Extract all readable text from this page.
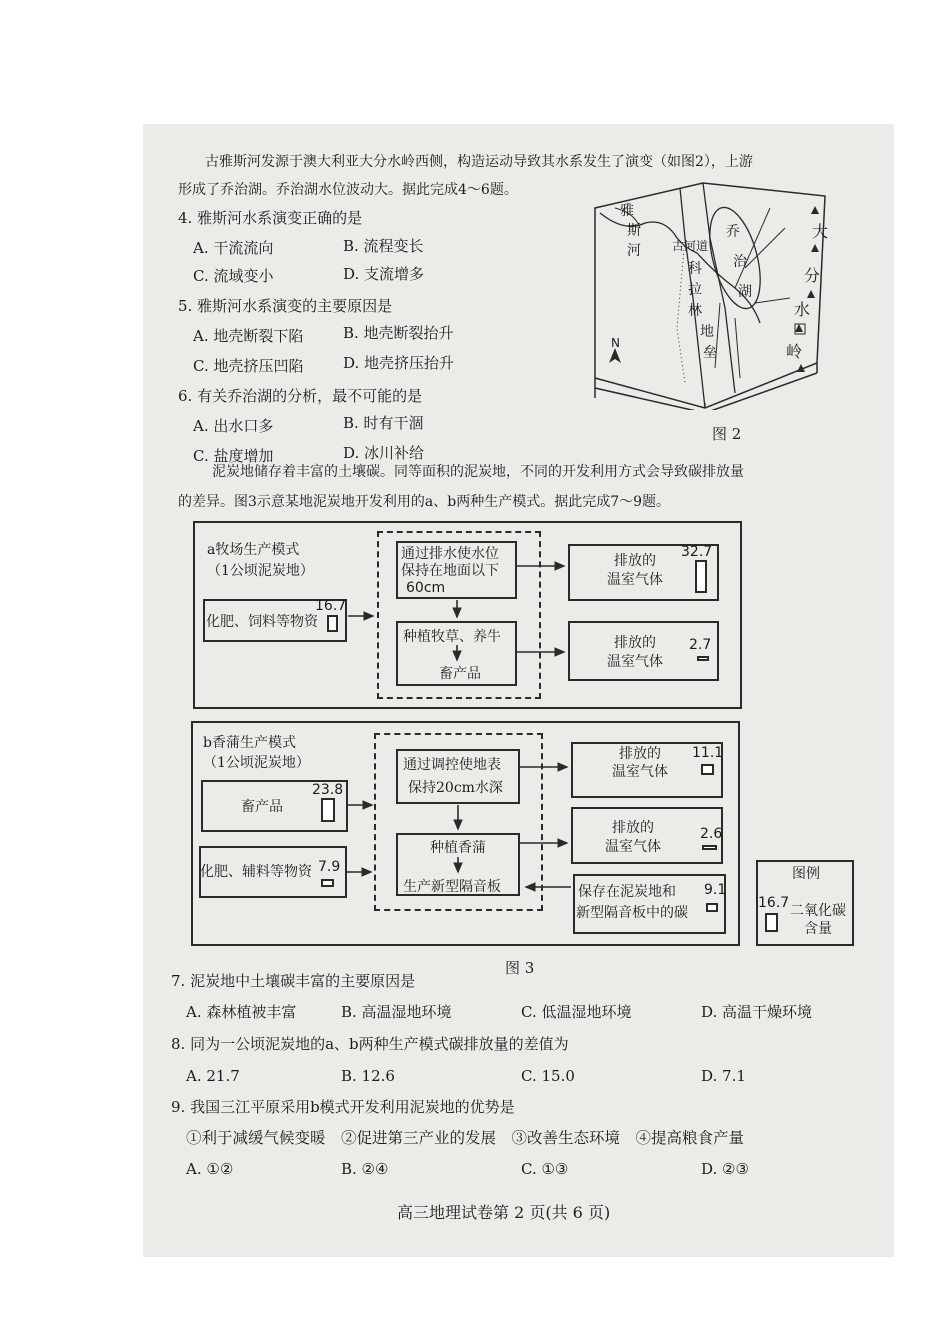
古雅斯河发源于澳大利亚大分水岭西侧，构造运动导致其水系发生了演变（如图2），上游
形成了乔治湖。乔治湖水位波动大。据此完成4～6题。
4. 雅斯河水系演变正确的是
A. 干流流向	B. 流程变长
C. 流域变小	D. 支流增多
5. 雅斯河水系演变的主要原因是
A. 地壳断裂下陷	B. 地壳断裂抬升
C. 地壳挤压凹陷	D. 地壳挤压抬升
6. 有关乔治湖的分析，最不可能的是
A. 出水口多	B. 时有干涸
C. 盐度增加	D. 冰川补给
雅
斯
河	古河道
科
拉
林
地
垒
乔
治
湖
大
分
水
岭
N
图 2
泥炭地储存着丰富的土壤碳。同等面积的泥炭地，不同的开发利用方式会导致碳排放量
的差异。图3示意某地泥炭地开发利用的a、b两种生产模式。据此完成7～9题。
a牧场生产模式
（1公顷泥炭地）
化肥、饲料等物资
16.7
通过排水使水位
保持在地面以下
60cm
种植牧草、养牛
畜产品
排放的
温室气体
32.7
排放的
温室气体
2.7
b香蒲生产模式
（1公顷泥炭地）
畜产品
23.8
化肥、辅料等物资 7.9
通过调控使地表
保持20cm水深
种植香蒲
生产新型隔音板
排放的
温室气体
11.1
排放的
温室气体
2.6
保存在泥炭地和
新型隔音板中的碳
9.1
图例
16.7 二氧化碳
含量
图 3
7. 泥炭地中土壤碳丰富的主要原因是
A. 森林植被丰富	B. 高温湿地环境	C. 低温湿地环境	D. 高温干燥环境
8. 同为一公顷泥炭地的a、b两种生产模式碳排放量的差值为
A. 21.7	B. 12.6	C. 15.0	D. 7.1
9. 我国三江平原采用b模式开发利用泥炭地的优势是
①利于减缓气候变暖　②促进第三产业的发展　③改善生态环境　④提高粮食产量
A. ①②	B. ②④	C. ①③	D. ②③
高三地理试卷第 2 页(共 6 页)
